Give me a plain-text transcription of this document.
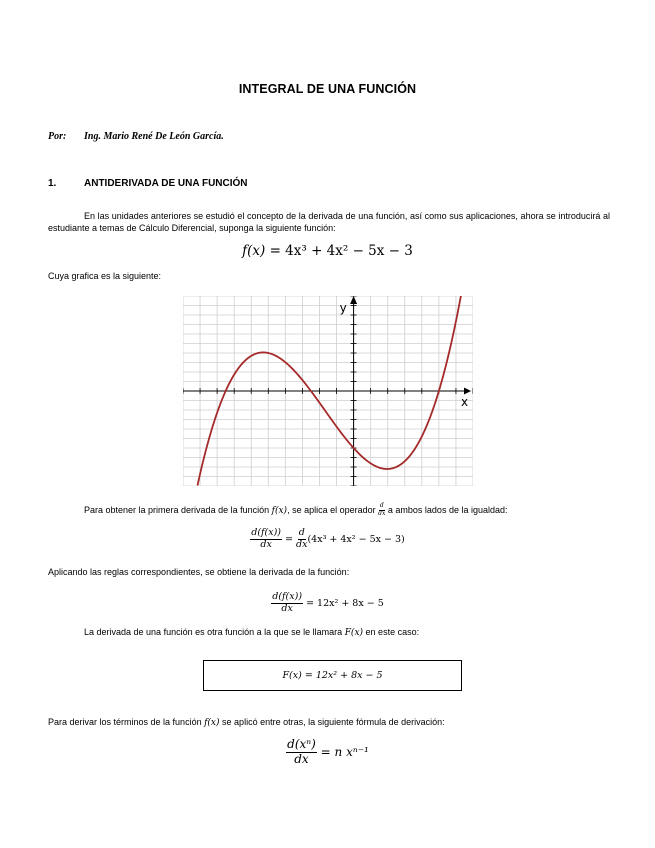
INTEGRAL DE UNA FUNCIÓN
Por: Ing. Mario René De León García.
1.	ANTIDERIVADA DE UNA FUNCIÓN
En las unidades anteriores se estudió el concepto de la derivada de una función, así como sus aplicaciones, ahora se introducirá al estudiante a temas de Cálculo Diferencial, suponga la siguiente función:
f(x) = 4x³ + 4x² − 5x − 3
Cuya grafica es la siguiente:
x
y
Para obtener la primera derivada de la función f(x), se aplica el operador $\frac{d}{dx}$ a ambos lados de la igualdad:
$\frac{d(f(x))}{dx} = \frac{d}{dx} (4x^3 + 4x^2 - 5x - 3)$
Aplicando las reglas correspondientes, se obtiene la derivada de la función:
$\frac{d(f(x))}{dx}$
= 12x² + 8x − 5
La derivada de una función es otra función a la que se le llamara F(x) en este caso:
F(x) = 12x² + 8x − 5
Para derivar los términos de la función f(x) se aplicó entre otras, la siguiente fórmula de derivación:
$\frac{\text{d(xⁿ)}}{dx}$
= n xⁿ⁻¹
